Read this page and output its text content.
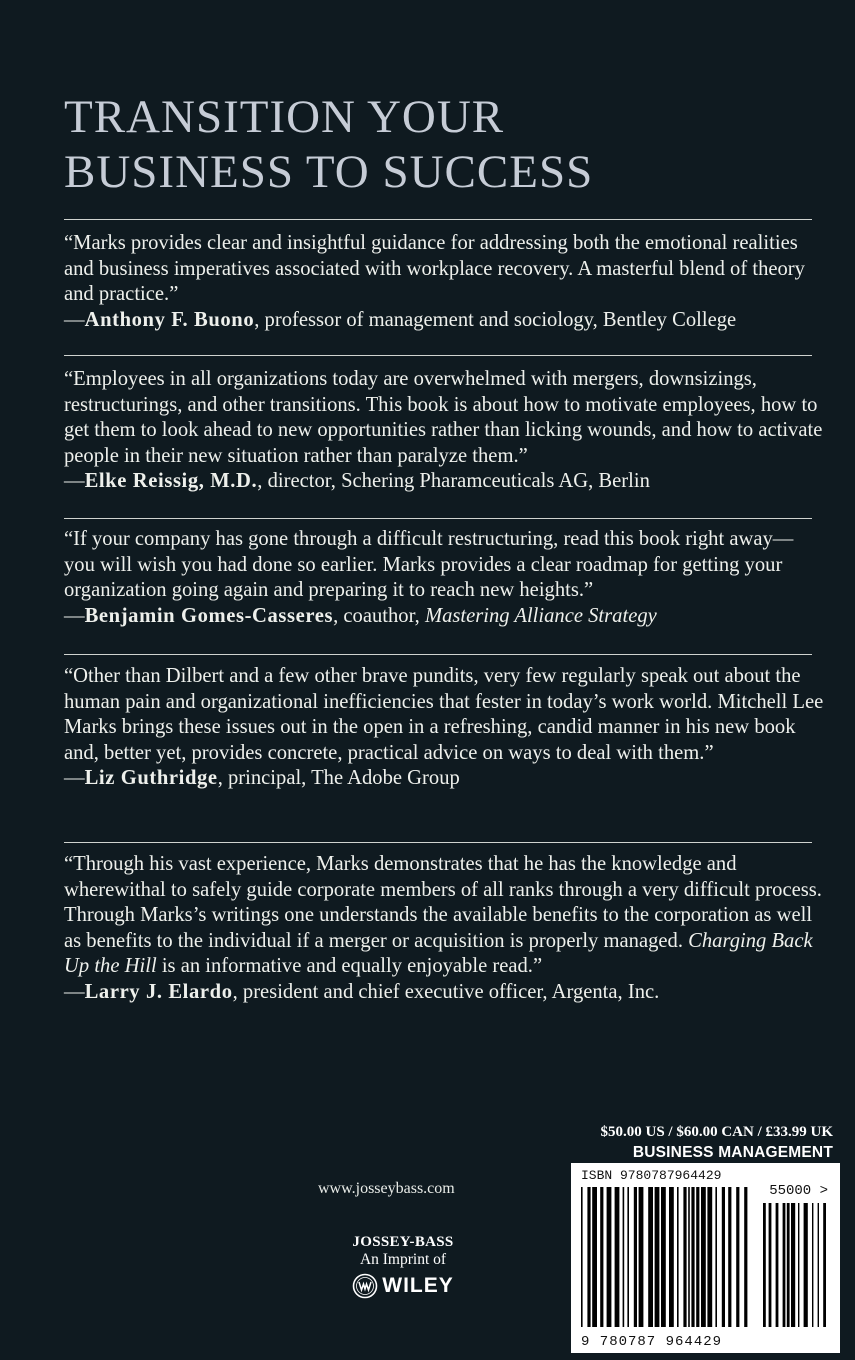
TRANSITION YOUR
BUSINESS TO SUCCESS

“Marks provides clear and insightful guidance for addressing both the emotional realities and business imperatives associated with workplace recovery. A masterful blend of theory and practice.”

—Anthony F. Buono, professor of management and sociology, Bentley College

“Employees in all organizations today are overwhelmed with mergers, downsizings, restructurings, and other transitions. This book is about how to motivate employees, how to get them to look ahead to new opportunities rather than licking wounds, and how to activate people in their new situation rather than paralyze them.”

—Elke Reissig, M.D., director, Schering Pharamceuticals AG, Berlin

“If your company has gone through a difficult restructuring, read this book right away—you will wish you had done so earlier. Marks provides a clear roadmap for getting your organization going again and preparing it to reach new heights.”

—Benjamin Gomes-Casseres, coauthor, Mastering Alliance Strategy

“Other than Dilbert and a few other brave pundits, very few regularly speak out about the human pain and organizational inefficiencies that fester in today’s work world. Mitchell Lee Marks brings these issues out in the open in a refreshing, candid manner in his new book and, better yet, provides concrete, practical advice on ways to deal with them.”

—Liz Guthridge, principal, The Adobe Group

“Through his vast experience, Marks demonstrates that he has the knowledge and wherewithal to safely guide corporate members of all ranks through a very difficult process. Through Marks’s writings one understands the available benefits to the corporation as well as benefits to the individual if a merger or acquisition is properly managed. Charging Back Up the Hill is an informative and equally enjoyable read.”

—Larry J. Elardo, president and chief executive officer, Argenta, Inc.

$50.00 US / $60.00 CAN / £33.99 UK
BUSINESS MANAGEMENT
ISBN 9780787964429
55000 >
9 780787 964429
www.josseybass.com
JOSSEY-BASS
An Imprint of
WILEY
